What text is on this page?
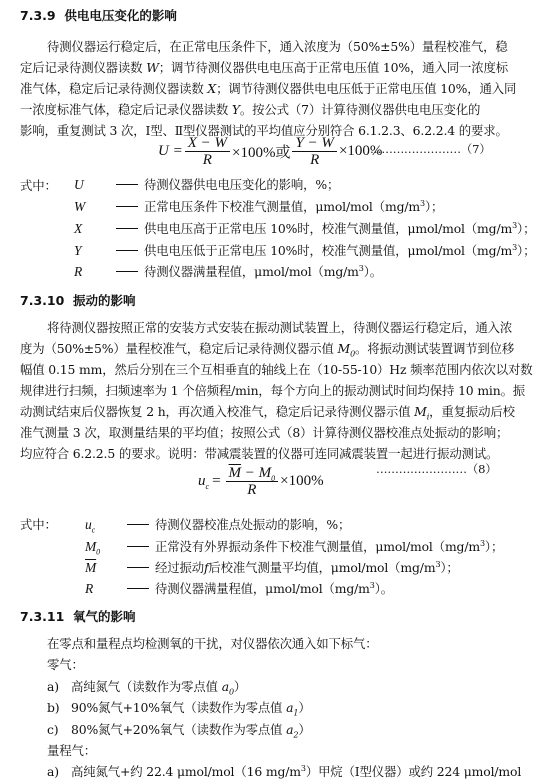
7.3.9 供电电压变化的影响
待测仪器运行稳定后，在正常电压条件下，通入浓度为（50%±5%）量程校准气，稳
定后记录待测仪器读数 W；调节待测仪器供电电压高于正常电压值 10%，通入同一浓度标
准气体，稳定后记录待测仪器读数 X；调节待测仪器供电电压低于正常电压值 10%，通入同
一浓度标准气体，稳定后记录仪器读数 Y。按公式（7）计算待测仪器供电电压变化的
影响，重复测试 3 次，Ⅰ型、Ⅱ型仪器测试的平均值应分别符合 6.1.2.3、6.2.2.4 的要求。
$U = \frac{X - W}{R} \times 100\%$或 $\frac{Y - W}{R} \times 100\%$
……………………（7）
式中： U	待测仪器供电电压变化的影响，%；
W	正常电压条件下校准气测量值，μmol/$mol(mg/m^3)$；
X	供电电压高于正常电压 10%时，校准气测量值，μmol/$mol(mg/m^3)$；
Y	供电电压低于正常电压 10%时，校准气测量值，μmol/$mol(mg/m^3)$；
R	待测仪器满量程值，μmol/$mol(mg/m^3)$。
7.3.10 振动的影响
将待测仪器按照正常的安装方式安装在振动测试装置上，待测仪器运行稳定后，通入浓
度为（50%±5%）量程校准气，稳定后记录待测仪器示值 $M_0$。将振动测试装置调节到位移
幅值 0.15 mm，然后分别在三个互相垂直的轴线上在（10-55-10）Hz 频率范围内依次以对数
规律进行扫频，扫频速率为 1 个倍频程/min，每个方向上的振动测试时间均保持 10 min。振
动测试结束后仪器恢复 2 h，再次通入校准气，稳定后记录待测仪器示值 $M_i$，重复振动后校
准气测量 3 次，取测量结果的平均值；按照公式（8）计算待测仪器校准点处振动的影响；
均应符合 6.2.2.5 的要求。说明：带减震装置的仪器可连同减震装置一起进行振动测试。
……………………（8）
$u_c = \frac{\overline{M} - M_0}{R} \times 100\%$
式中： $u_c$	待测仪器校准点处振动的影响，%；
$M_0$	正常没有外界振动条件下校准气测量值，μmol/$mol(mg/m^3)$；
$\overline{M}$	经过振动f后校准气测量平均值，μmol/$mol(mg/m^3)$；
R	待测仪器满量程值，μmol/$mol(mg/m^3)$。
7.3.11 氧气的影响
在零点和量程点均检测氧的干扰，对仪器依次通入如下标气：
零气：
a) 高纯氮气（读数作为零点值 $a_0$）
b) 90%氮气+10%氧气（读数作为零点值 $a_1$）
c) 80%氮气+20%氧气（读数作为零点值 $a_2$）
量程气：
a) 高纯氮气+约 22.4 μmol/mol（16 $mg/m^3$）甲烷（Ⅰ型仪器）或约 224 μmol/mol
